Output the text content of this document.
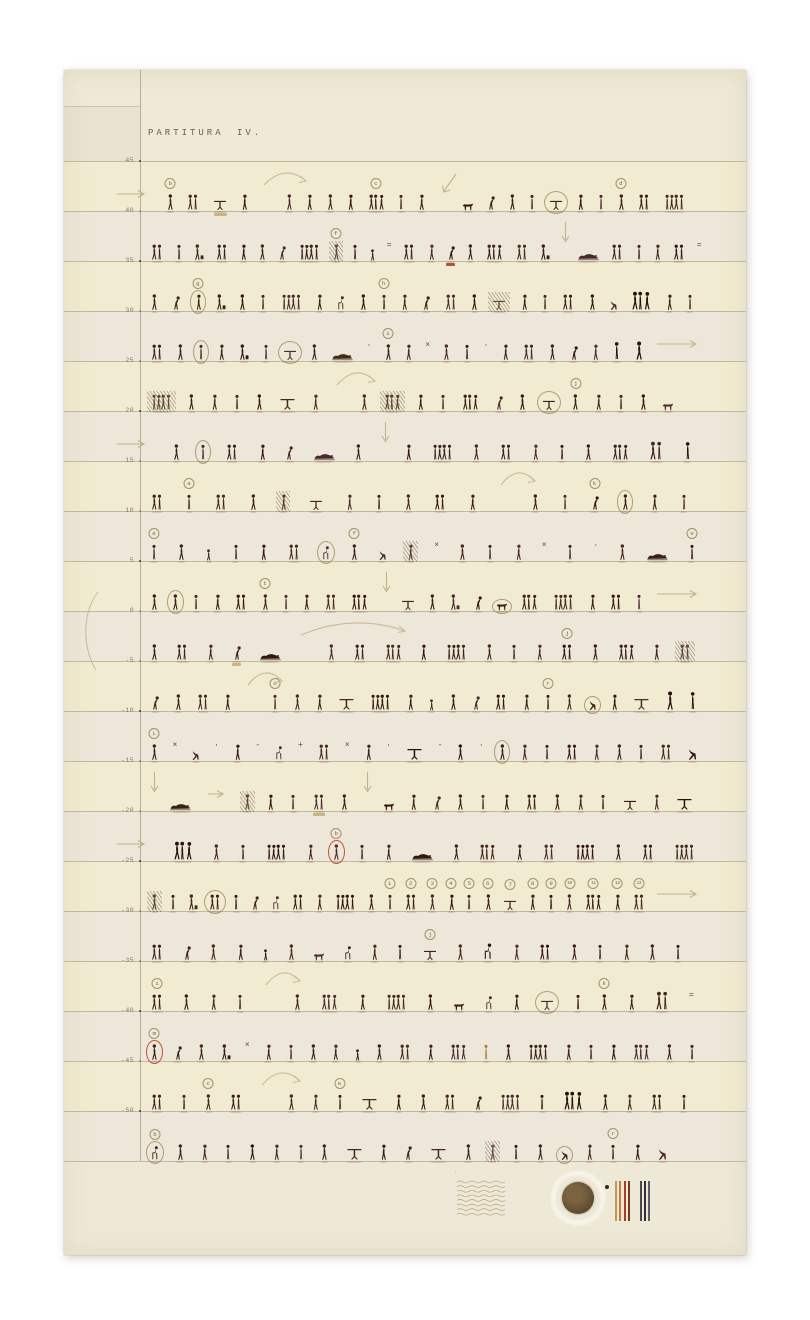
45
40
35
30
25
20
15
10
5
0
-5
-10
-15
-20
-25
-30
-35
-40
-45
-50
PARTITURA IV.
b	c	d
f
=	=
g	h
·
i
×	·
j
a	k
e	f
×	×	·
v
t
j
o	r
L
×	·	-	+	×	·	-	·
b
1	2	3	4	5	6	7	8	9	10	11	12	13
j
i	k
=
m
×
c	e
b	r
·
